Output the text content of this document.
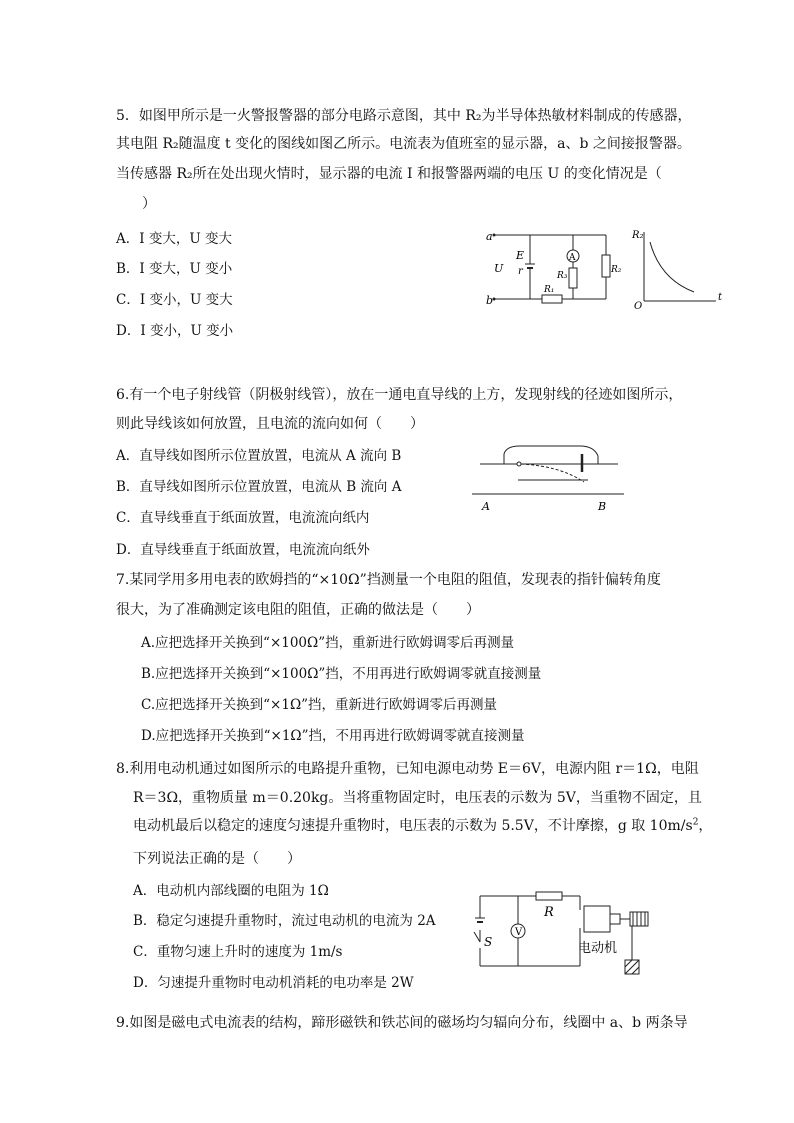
5．如图甲所示是一火警报警器的部分电路示意图，其中 R₂为半导体热敏材料制成的传感器，
其电阻 R₂随温度 t 变化的图线如图乙所示。电流表为值班室的显示器，a、b 之间接报警器。
当传感器 R₂所在处出现火情时，显示器的电流 I 和报警器两端的电压 U 的变化情况是（
）
A．I 变大，U 变大
B．I 变大，U 变小
C．I 变小，U 变大
D．I 变小，U 变小
a
b
U
E
r
A
R₃
R₂
R₁
R₂
t
O
6.有一个电子射线管（阴极射线管），放在一通电直导线的上方，发现射线的径迹如图所示，
则此导线该如何放置，且电流的流向如何（　　）
A．直导线如图所示位置放置，电流从 A 流向 B
B．直导线如图所示位置放置，电流从 B 流向 A
C．直导线垂直于纸面放置，电流流向纸内
D．直导线垂直于纸面放置，电流流向纸外
A	B
7.某同学用多用电表的欧姆挡的“×10Ω”挡测量一个电阻的阻值，发现表的指针偏转角度
很大，为了准确测定该电阻的阻值，正确的做法是（　　）
A.应把选择开关换到“×100Ω”挡，重新进行欧姆调零后再测量
B.应把选择开关换到“×100Ω”挡，不用再进行欧姆调零就直接测量
C.应把选择开关换到“×1Ω”挡，重新进行欧姆调零后再测量
D.应把选择开关换到“×1Ω”挡，不用再进行欧姆调零就直接测量
8.利用电动机通过如图所示的电路提升重物，已知电源电动势 E＝6V，电源内阻 r＝1Ω，电阻
R＝3Ω，重物质量 m＝0.20kg。当将重物固定时，电压表的示数为 5V，当重物不固定，且
电动机最后以稳定的速度匀速提升重物时，电压表的示数为 5.5V，不计摩擦，g 取 $10m/s^2$，
下列说法正确的是（　　）
A．电动机内部线圈的电阻为 1Ω
B．稳定匀速提升重物时，流过电动机的电流为 2A
C．重物匀速上升时的速度为 1m/s
D．匀速提升重物时电动机消耗的电功率是 2W
V
R
S	电动机
9.如图是磁电式电流表的结构，蹄形磁铁和铁芯间的磁场均匀辐向分布，线圈中 a、b 两条导
